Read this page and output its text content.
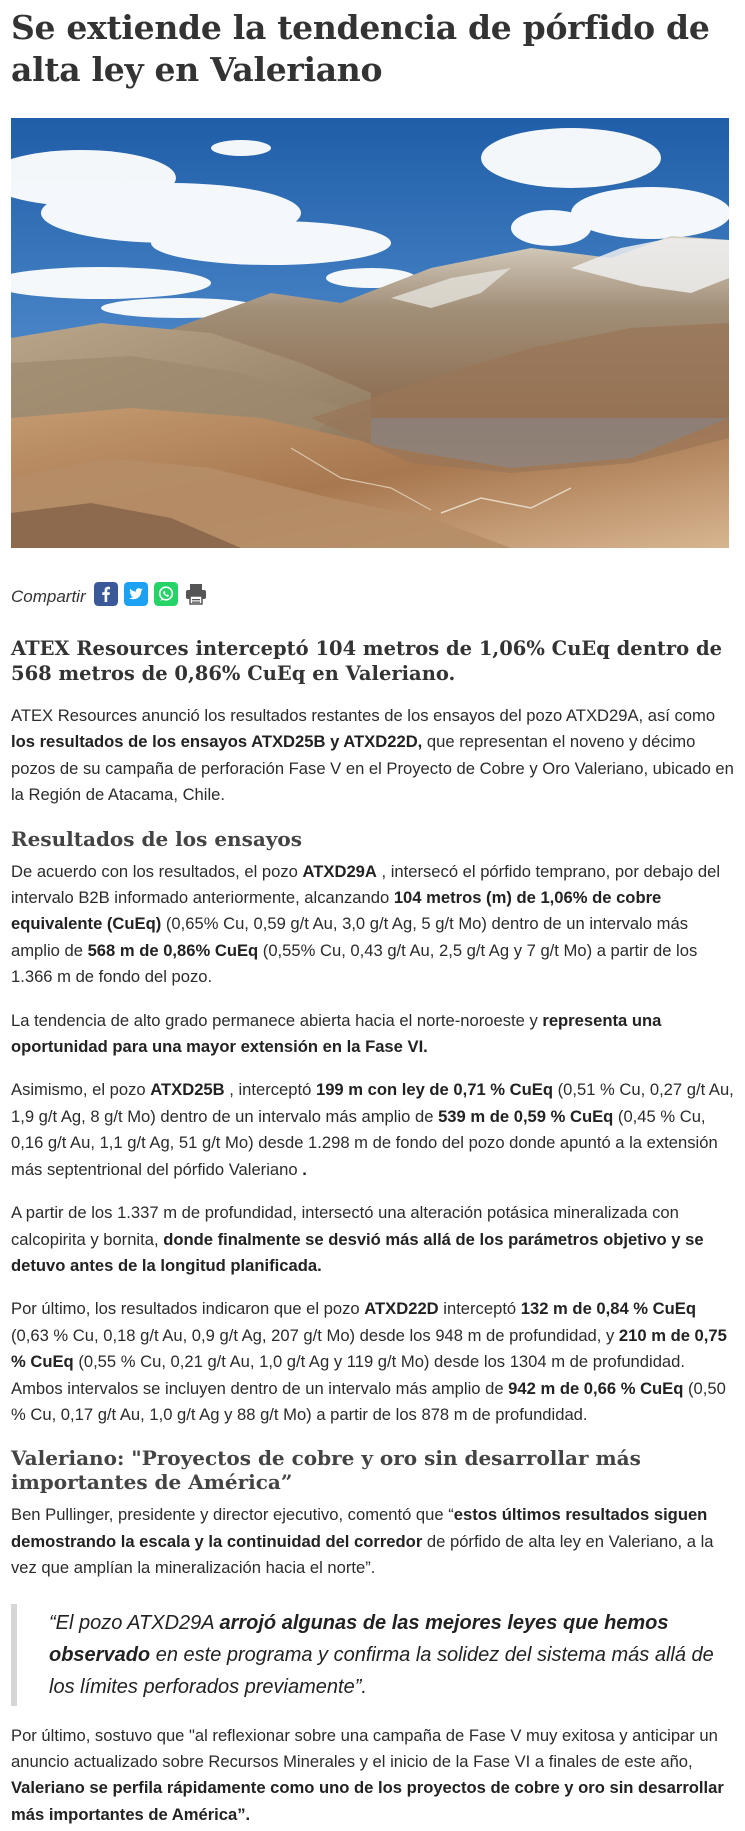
Se extiende la tendencia de pórfido de alta ley en Valeriano
Compartir
ATEX Resources interceptó 104 metros de 1,06% CuEq dentro de 568 metros de 0,86% CuEq en Valeriano.

ATEX Resources anunció los resultados restantes de los ensayos del pozo ATXD29A, así como los resultados de los ensayos ATXD25B y ATXD22D, que representan el noveno y décimo pozos de su campaña de perforación Fase V en el Proyecto de Cobre y Oro Valeriano, ubicado en la Región de Atacama, Chile.

Resultados de los ensayos

De acuerdo con los resultados, el pozo ATXD29A , intersecó el pórfido temprano, por debajo del intervalo B2B informado anteriormente, alcanzando 104 metros (m) de 1,06% de cobre equivalente (CuEq) (0,65% Cu, 0,59 g/t Au, 3,0 g/t Ag, 5 g/t Mo) dentro de un intervalo más amplio de 568 m de 0,86% CuEq (0,55% Cu, 0,43 g/t Au, 2,5 g/t Ag y 7 g/t Mo) a partir de los 1.366 m de fondo del pozo.

La tendencia de alto grado permanece abierta hacia el norte-noroeste y representa una oportunidad para una mayor extensión en la Fase VI.

Asimismo, el pozo ATXD25B , interceptó 199 m con ley de 0,71 % CuEq (0,51 % Cu, 0,27 g/t Au, 1,9 g/t Ag, 8 g/t Mo) dentro de un intervalo más amplio de 539 m de 0,59 % CuEq (0,45 % Cu, 0,16 g/t Au, 1,1 g/t Ag, 51 g/t Mo) desde 1.298 m de fondo del pozo donde apuntó a la extensión más septentrional del pórfido Valeriano .

A partir de los 1.337 m de profundidad, intersectó una alteración potásica mineralizada con calcopirita y bornita, donde finalmente se desvió más allá de los parámetros objetivo y se detuvo antes de la longitud planificada.

Por último, los resultados indicaron que el pozo ATXD22D interceptó 132 m de 0,84 % CuEq (0,63 % Cu, 0,18 g/t Au, 0,9 g/t Ag, 207 g/t Mo) desde los 948 m de profundidad, y 210 m de 0,75 % CuEq (0,55 % Cu, 0,21 g/t Au, 1,0 g/t Ag y 119 g/t Mo) desde los 1304 m de profundidad. Ambos intervalos se incluyen dentro de un intervalo más amplio de 942 m de 0,66 % CuEq (0,50 % Cu, 0,17 g/t Au, 1,0 g/t Ag y 88 g/t Mo) a partir de los 878 m de profundidad.

Valeriano: "Proyectos de cobre y oro sin desarrollar más importantes de América”

Ben Pullinger, presidente y director ejecutivo, comentó que “estos últimos resultados siguen demostrando la escala y la continuidad del corredor de pórfido de alta ley en Valeriano, a la vez que amplían la mineralización hacia el norte”.

“El pozo ATXD29A arrojó algunas de las mejores leyes que hemos observado en este programa y confirma la solidez del sistema más allá de los límites perforados previamente”.

Por último, sostuvo que "al reflexionar sobre una campaña de Fase V muy exitosa y anticipar un anuncio actualizado sobre Recursos Minerales y el inicio de la Fase VI a finales de este año, Valeriano se perfila rápidamente como uno de los proyectos de cobre y oro sin desarrollar más importantes de América”.
